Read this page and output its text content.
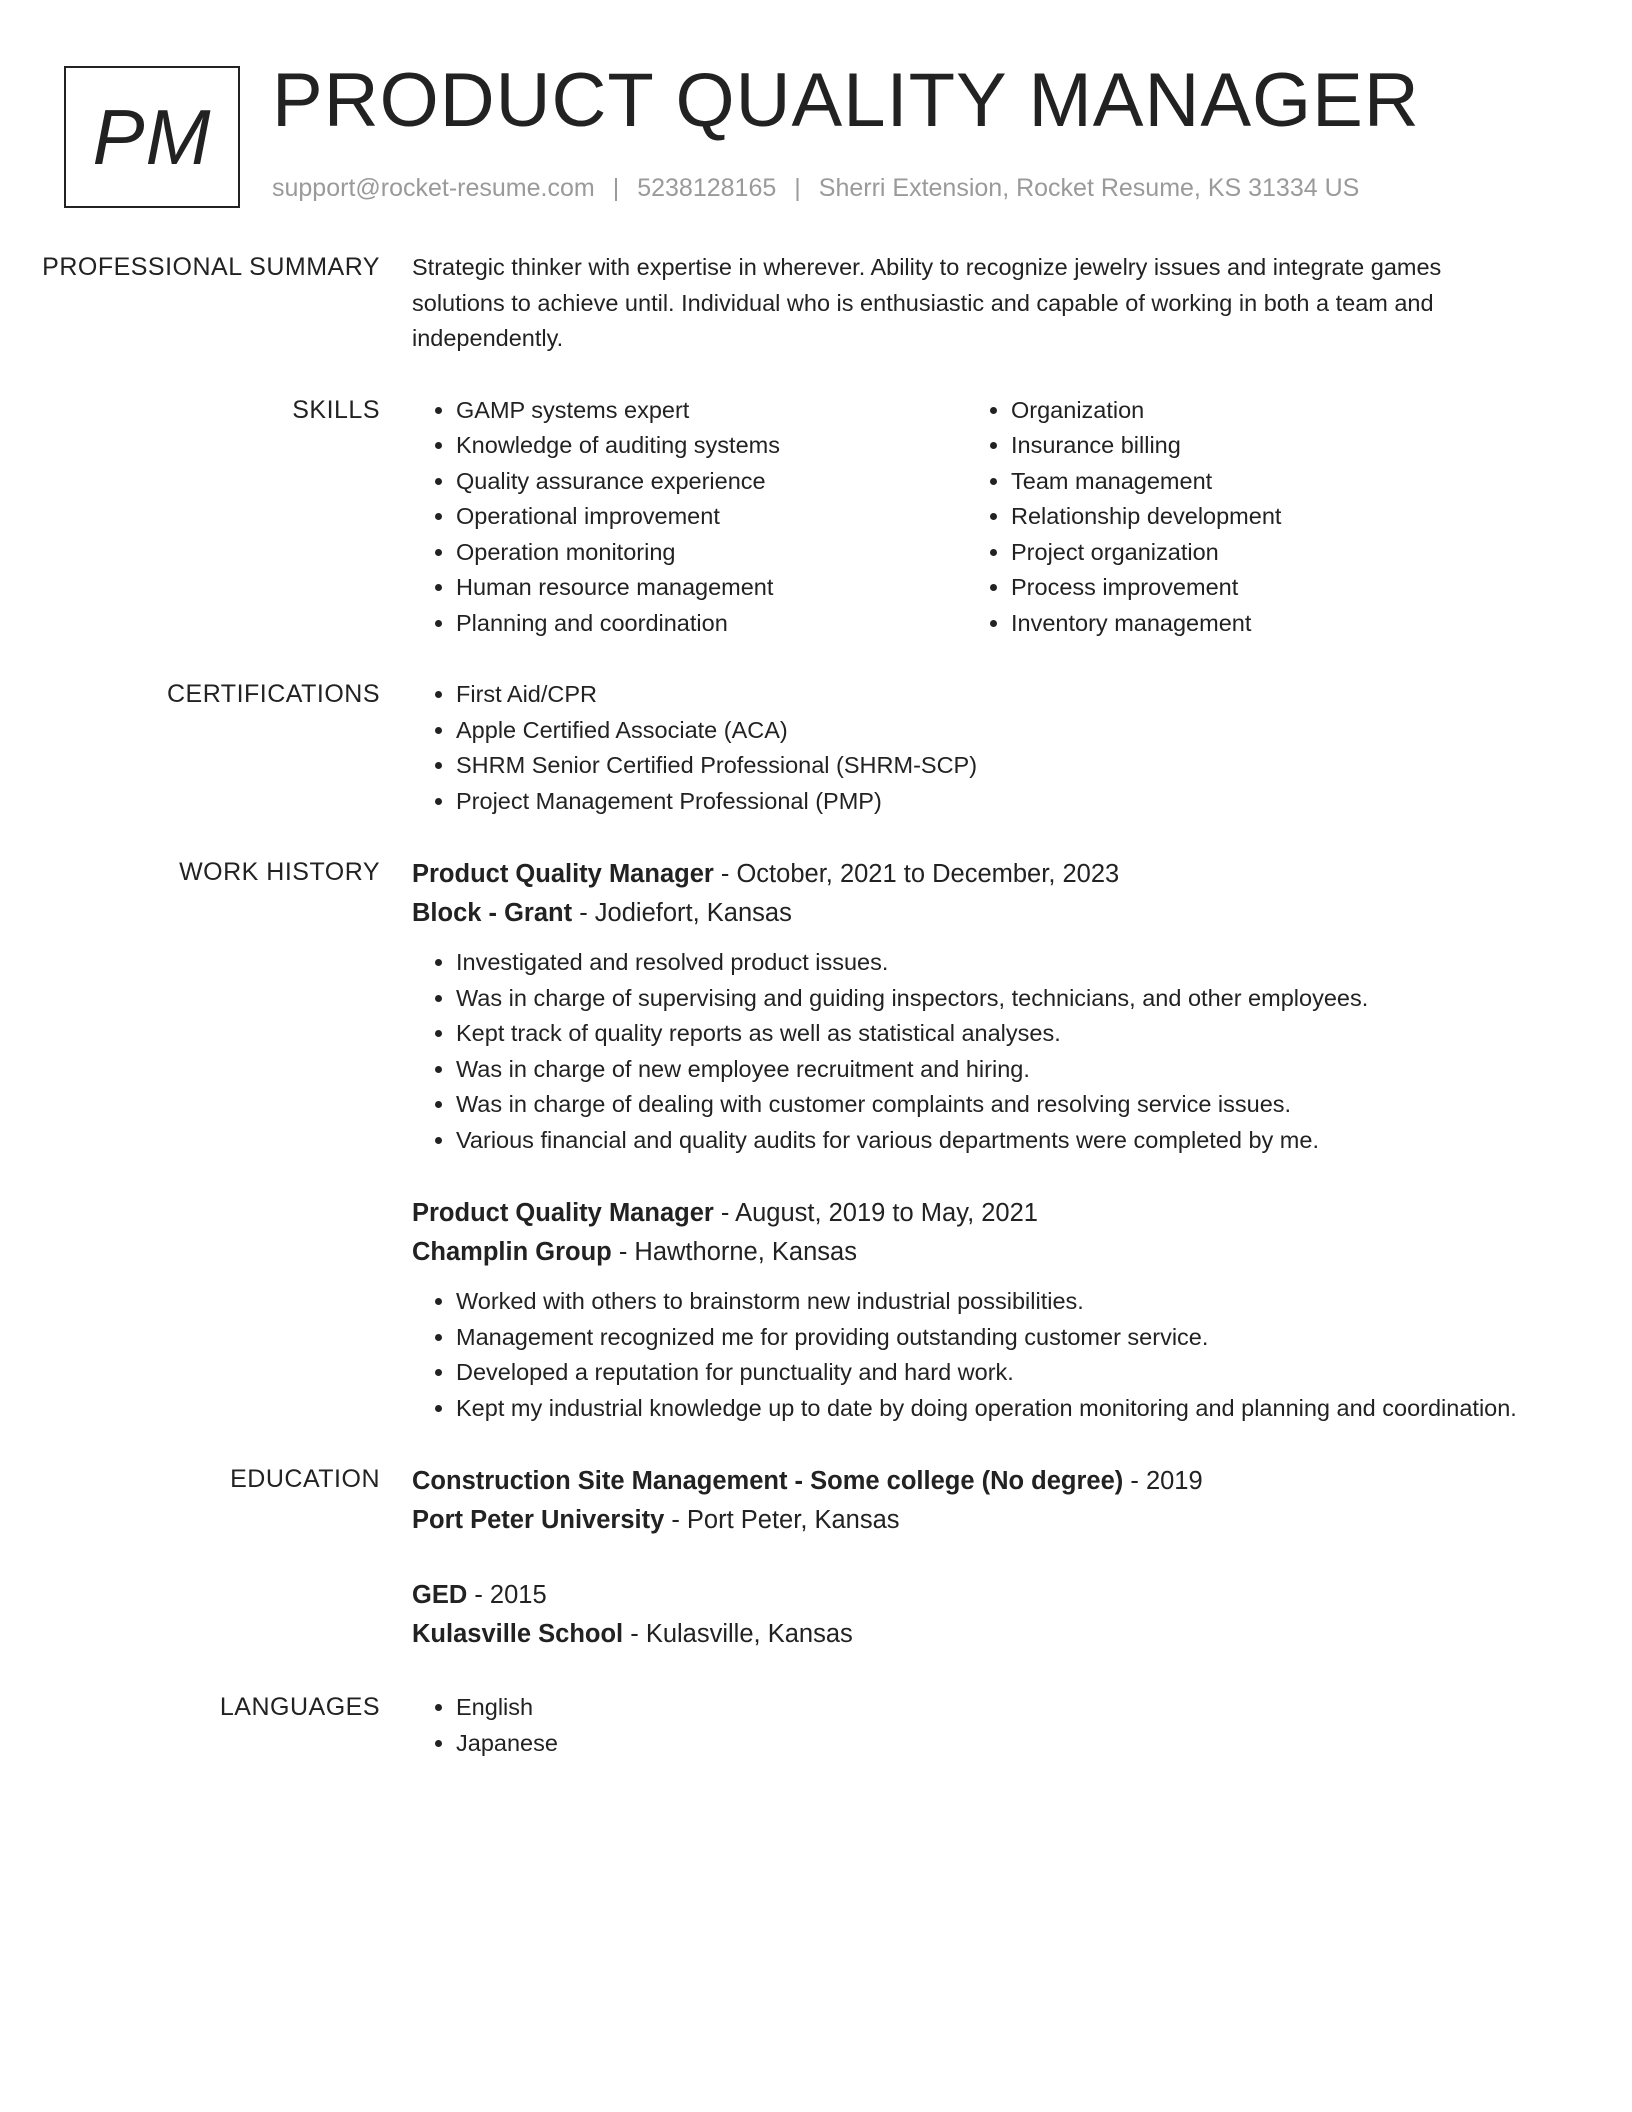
PM PRODUCT QUALITY MANAGER
support@rocket-resume.com | 5238128165 | Sherri Extension, Rocket Resume, KS 31334 US
PROFESSIONAL SUMMARY	Strategic thinker with expertise in wherever. Ability to recognize jewelry issues and integrate games solutions to achieve until. Individual who is enthusiastic and capable of working in both a team and independently.

SKILLS	• GAMP systems expert
• Knowledge of auditing systems
• Quality assurance experience
• Operational improvement
• Operation monitoring
• Human resource management
• Planning and coordination
• Organization
• Insurance billing
• Team management
• Relationship development
• Project organization
• Process improvement
• Inventory management
CERTIFICATIONS	• First Aid/CPR
• Apple Certified Associate (ACA)
• SHRM Senior Certified Professional (SHRM-SCP)
• Project Management Professional (PMP)
WORK HISTORY	Product Quality Manager - October, 2021 to December, 2023
Block - Grant - Jodiefort, Kansas
• Investigated and resolved product issues.
• Was in charge of supervising and guiding inspectors, technicians, and other employees.
• Kept track of quality reports as well as statistical analyses.
• Was in charge of new employee recruitment and hiring.
• Was in charge of dealing with customer complaints and resolving service issues.
• Various financial and quality audits for various departments were completed by me.
Product Quality Manager - August, 2019 to May, 2021
Champlin Group - Hawthorne, Kansas
• Worked with others to brainstorm new industrial possibilities.
• Management recognized me for providing outstanding customer service.
• Developed a reputation for punctuality and hard work.
• Kept my industrial knowledge up to date by doing operation monitoring and planning and coordination.
EDUCATION	Construction Site Management - Some college (No degree) - 2019
Port Peter University - Port Peter, Kansas
GED - 2015
Kulasville School - Kulasville, Kansas
LANGUAGES	• English
• Japanese
